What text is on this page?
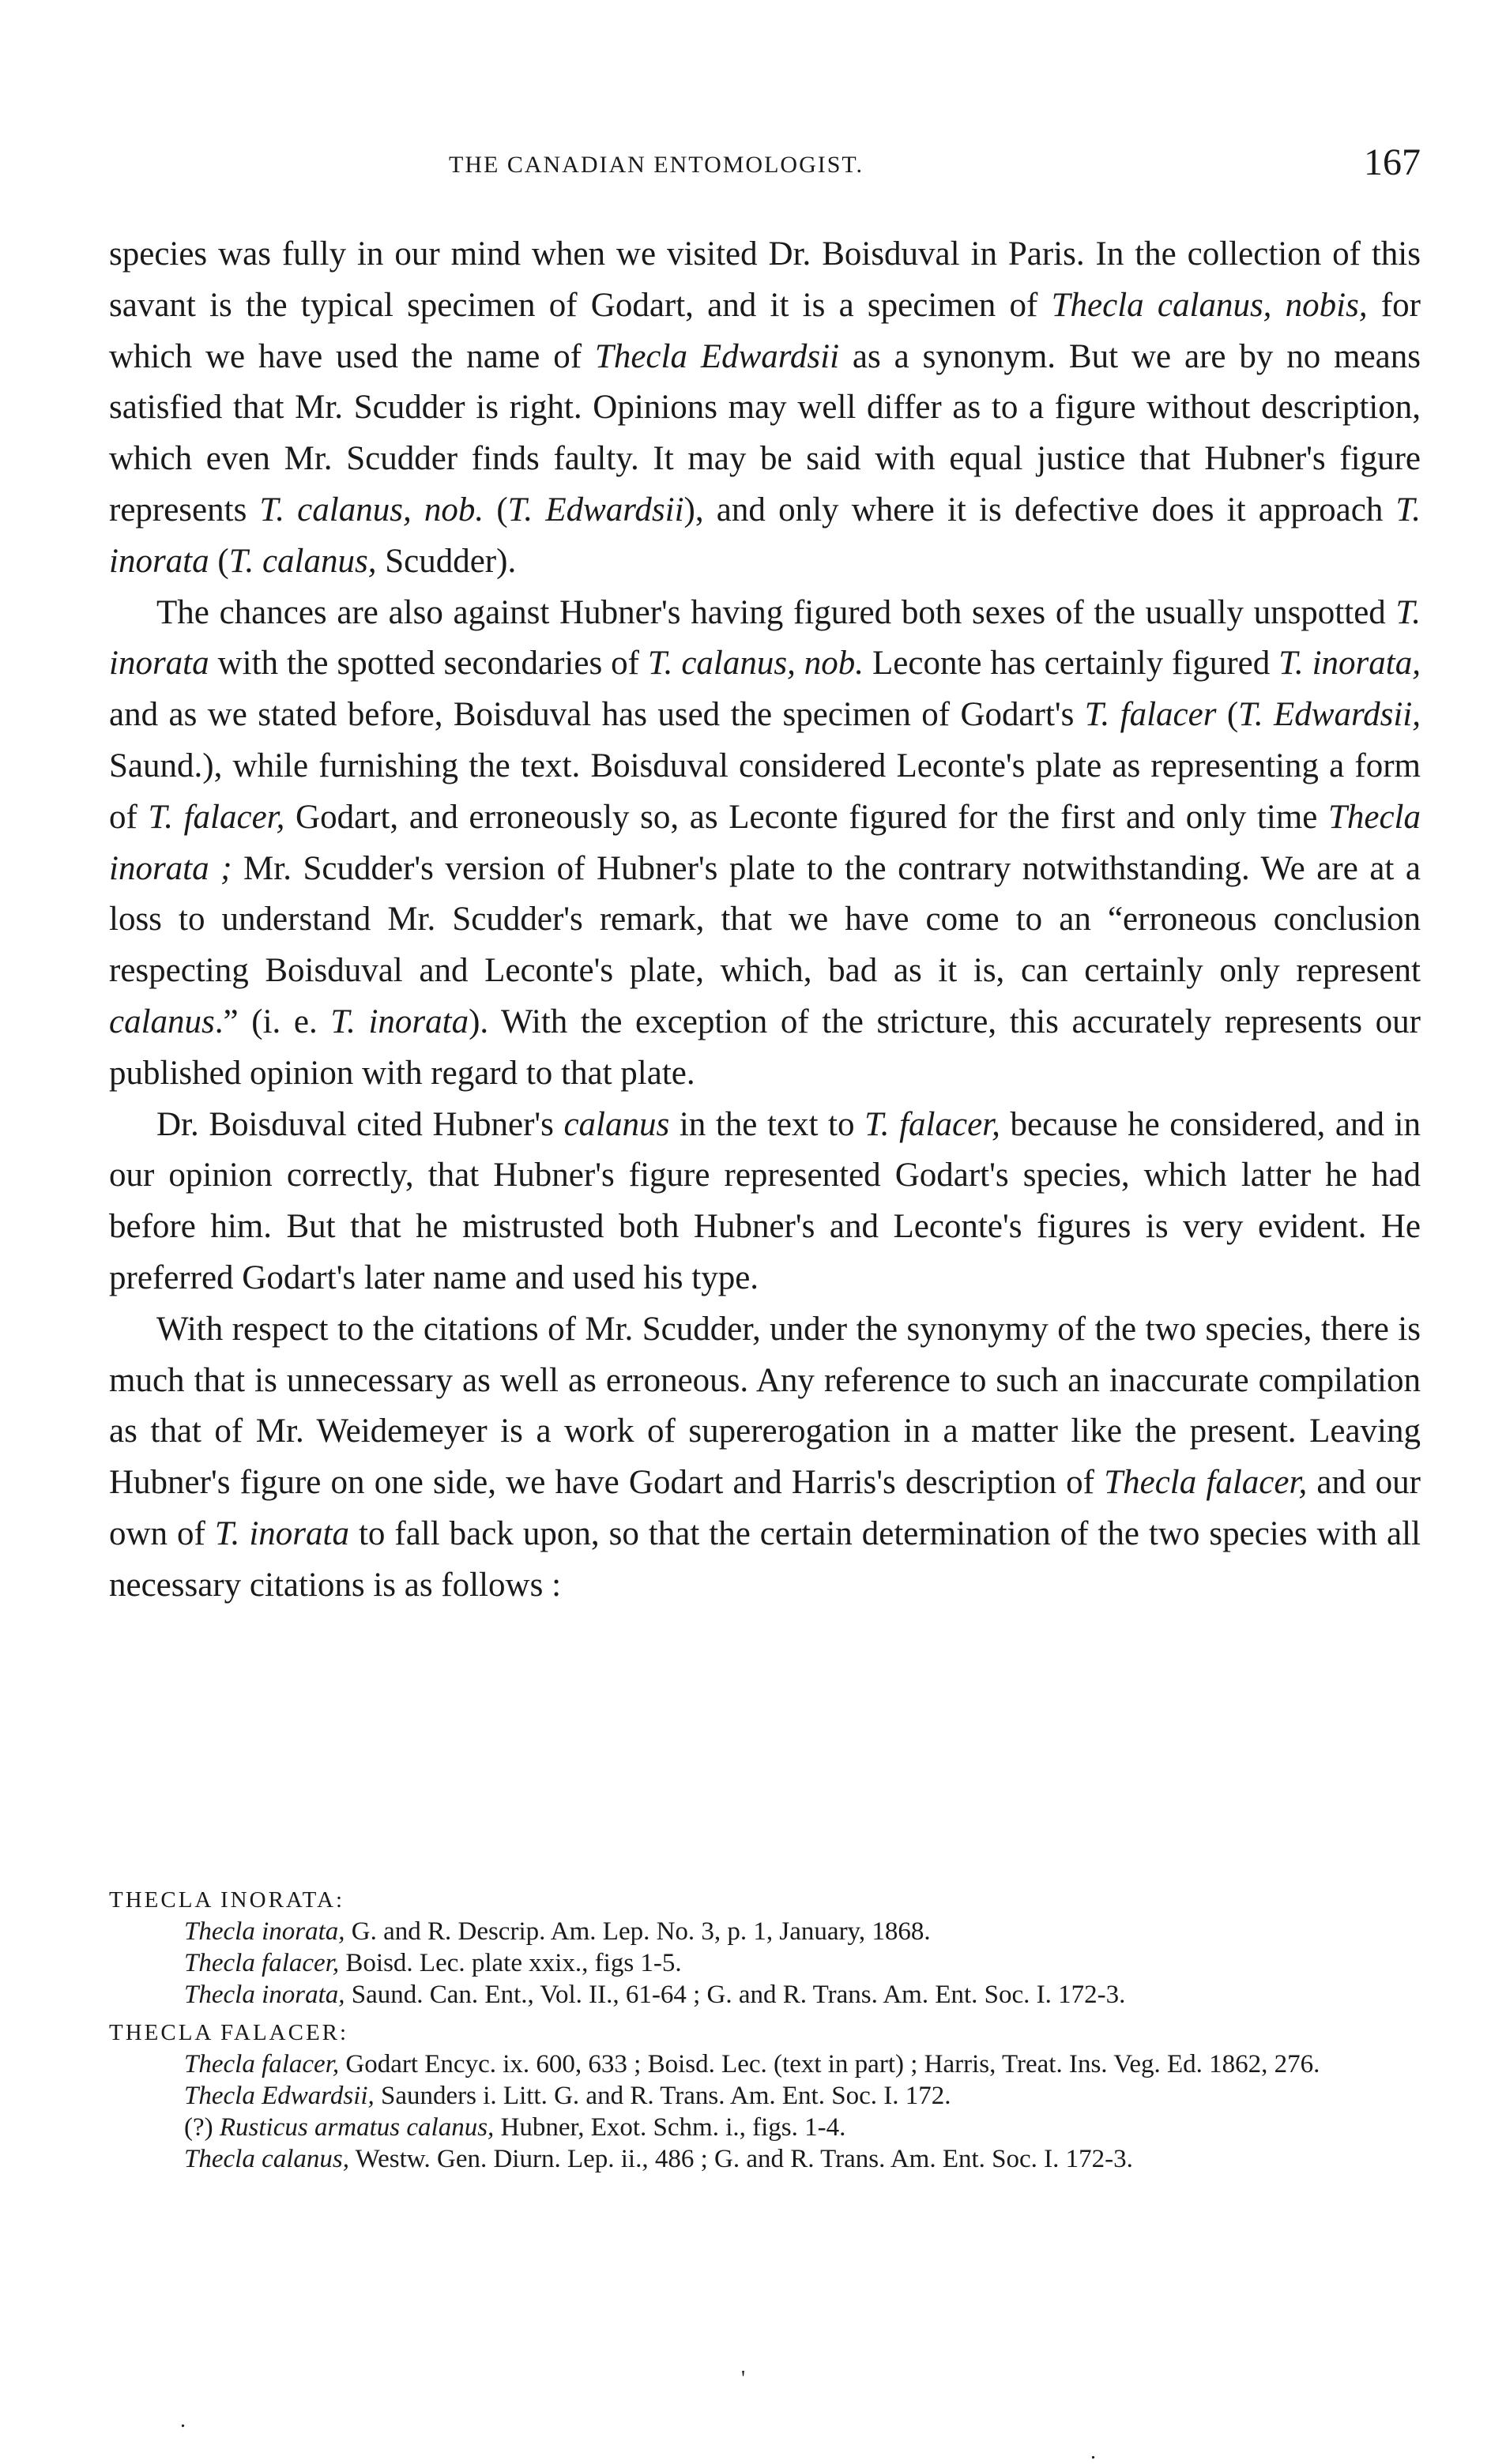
THE CANADIAN ENTOMOLOGIST.	167

species was fully in our mind when we visited Dr. Boisduval in Paris. In the collection of this savant is the typical specimen of Godart, and it is a specimen of Thecla calanus, nobis, for which we have used the name of Thecla Edwardsii as a synonym. But we are by no means satisfied that Mr. Scudder is right. Opinions may well differ as to a figure without description, which even Mr. Scudder finds faulty. It may be said with equal justice that Hubner's figure represents T. calanus, nob. (T. Edwardsii), and only where it is defective does it approach T. inorata (T. calanus, Scudder).

The chances are also against Hubner's having figured both sexes of the usually unspotted T. inorata with the spotted secondaries of T. calanus, nob. Leconte has certainly figured T. inorata, and as we stated before, Boisduval has used the specimen of Godart's T. falacer (T. Edwardsii, Saund.), while furnishing the text. Boisduval considered Leconte's plate as representing a form of T. falacer, Godart, and erroneously so, as Leconte figured for the first and only time Thecla inorata ; Mr. Scudder's version of Hubner's plate to the contrary notwithstanding. We are at a loss to understand Mr. Scudder's remark, that we have come to an “erroneous conclusion respecting Boisduval and Leconte's plate, which, bad as it is, can certainly only represent calanus.” (i. e. T. inorata). With the exception of the stricture, this accurately represents our published opinion with regard to that plate.

Dr. Boisduval cited Hubner's calanus in the text to T. falacer, because he considered, and in our opinion correctly, that Hubner's figure represented Godart's species, which latter he had before him. But that he mistrusted both Hubner's and Leconte's figures is very evident. He preferred Godart's later name and used his type.

With respect to the citations of Mr. Scudder, under the synonymy of the two species, there is much that is unnecessary as well as erroneous. Any reference to such an inaccurate compilation as that of Mr. Weidemeyer is a work of supererogation in a matter like the present. Leaving Hubner's figure on one side, we have Godart and Harris's description of Thecla falacer, and our own of T. inorata to fall back upon, so that the certain determination of the two species with all necessary citations is as follows :

THECLA INORATA:

Thecla inorata, G. and R. Descrip. Am. Lep. No. 3, p. 1, January, 1868.

Thecla falacer, Boisd. Lec. plate xxix., figs 1-5.

Thecla inorata, Saund. Can. Ent., Vol. II., 61-64 ; G. and R. Trans. Am. Ent. Soc. I. 172-3.

THECLA FALACER:

Thecla falacer, Godart Encyc. ix. 600, 633 ; Boisd. Lec. (text in part) ; Harris, Treat. Ins. Veg. Ed. 1862, 276.

Thecla Edwardsii, Saunders i. Litt. G. and R. Trans. Am. Ent. Soc. I. 172.

(?) Rusticus armatus calanus, Hubner, Exot. Schm. i., figs. 1-4.

Thecla calanus, Westw. Gen. Diurn. Lep. ii., 486 ; G. and R. Trans. Am. Ent. Soc. I. 172-3.

'
.
.
